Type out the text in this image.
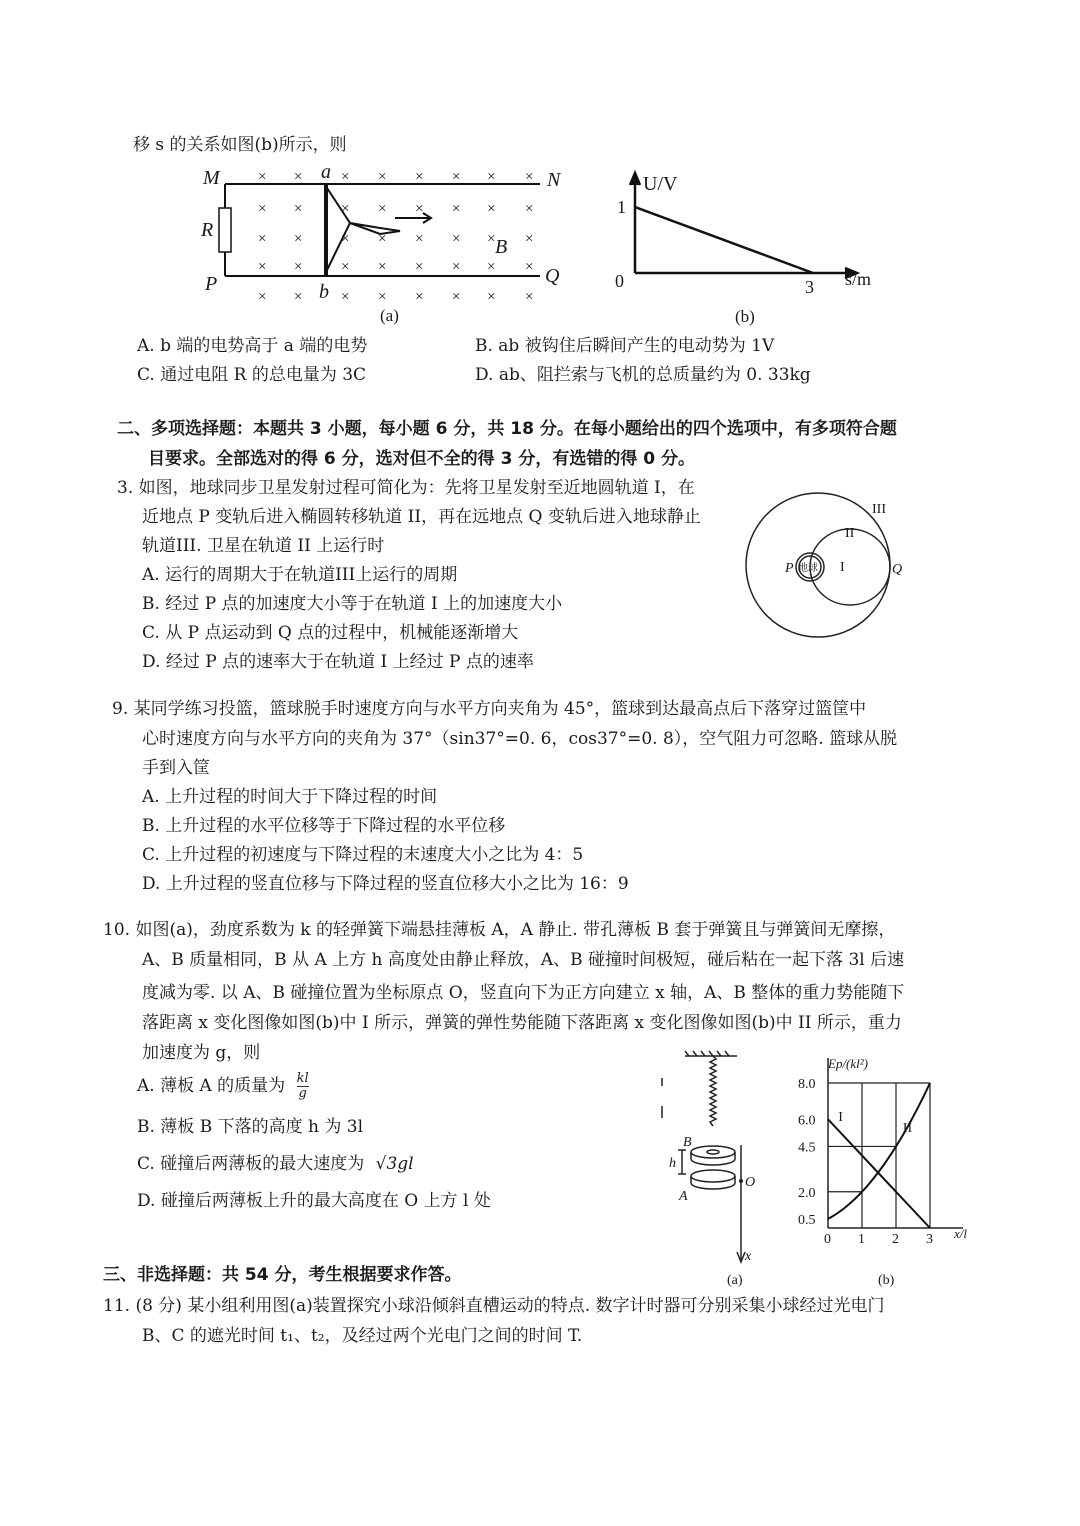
移 s 的关系如图(b)所示，则
×
×
×
×
×
×
×
×
×
×
×
×
×
×
×
×
×
×
×
×
×
×
×
×
×
×
×
×
×
×
×
×
×
×
×
×
×
×
×
×
M	N
P	Q
R
a
b
B
(a)
U/V
1
0	3 s/m
(b)
A. b 端的电势高于 a 端的电势	B. ab 被钩住后瞬间产生的电动势为 1V
C. 通过电阻 R 的总电量为 3C	D. ab、阻拦索与飞机的总质量约为 0. 33kg
二、多项选择题：本题共 3 小题，每小题 6 分，共 18 分。在每小题给出的四个选项中，有多项符合题
目要求。全部选对的得 6 分，选对但不全的得 3 分，有选错的得 0 分。
3. 如图，地球同步卫星发射过程可简化为：先将卫星发射至近地圆轨道 I，在
近地点 P 变轨后进入椭圆转移轨道 II，再在远地点 Q 变轨后进入地球静止
轨道III. 卫星在轨道 II 上运行时
A. 运行的周期大于在轨道III上运行的周期
B. 经过 P 点的加速度大小等于在轨道 I 上的加速度大小
C. 从 P 点运动到 Q 点的过程中，机械能逐渐增大
D. 经过 P 点的速率大于在轨道 I 上经过 P 点的速率
地球
III
II
I
P	Q
9. 某同学练习投篮，篮球脱手时速度方向与水平方向夹角为 45°，篮球到达最高点后下落穿过篮筐中
心时速度方向与水平方向的夹角为 37°（sin37°=0. 6，cos37°=0. 8），空气阻力可忽略. 篮球从脱
手到入筐
A. 上升过程的时间大于下降过程的时间
B. 上升过程的水平位移等于下降过程的水平位移
C. 上升过程的初速度与下降过程的末速度大小之比为 4：5
D. 上升过程的竖直位移与下降过程的竖直位移大小之比为 16：9
10. 如图(a)，劲度系数为 k 的轻弹簧下端悬挂薄板 A，A 静止. 带孔薄板 B 套于弹簧且与弹簧间无摩擦，
A、B 质量相同，B 从 A 上方 h 高度处由静止释放，A、B 碰撞时间极短，碰后粘在一起下落 3l 后速
度减为零. 以 A、B 碰撞位置为坐标原点 O，竖直向下为正方向建立 x 轴，A、B 整体的重力势能随下
落距离 x 变化图像如图(b)中 I 所示，弹簧的弹性势能随下落距离 x 变化图像如图(b)中 II 所示，重力
加速度为 g，则
A. 薄板 A 的质量为 $\frac{kl}{g}$
B. 薄板 B 下落的高度 h 为 3l
C. 碰撞后两薄板的最大速度为 √3gl
D. 碰撞后两薄板上升的最大高度在 O 上方 l 处
B
h
A
O
x
(a)
Ep/(kl²)
x/l
(b)
8.0
6.0
4.5
2.0
0.5
0 1 2 3
I
II
三、非选择题：共 54 分，考生根据要求作答。
11. (8 分) 某小组利用图(a)装置探究小球沿倾斜直槽运动的特点. 数字计时器可分别采集小球经过光电门
B、C 的遮光时间 t₁、t₂，及经过两个光电门之间的时间 T.
